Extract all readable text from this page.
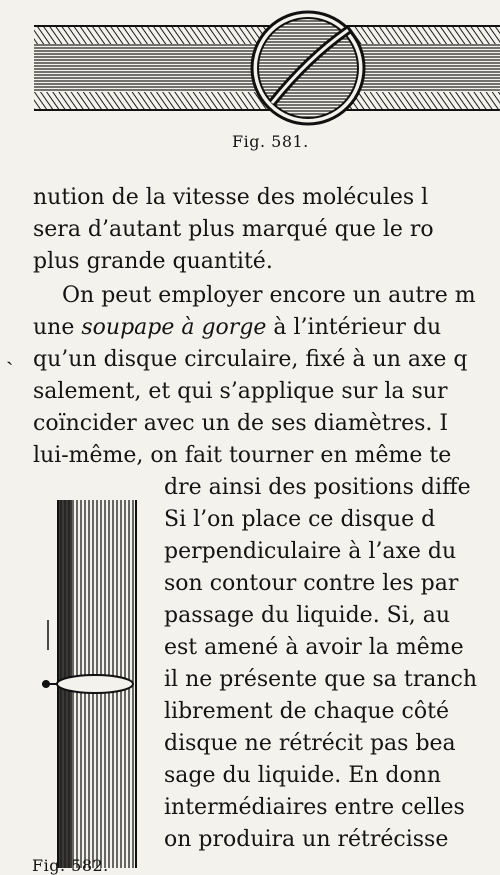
Fig. 581.
nution de la vitesse des molécules l
sera d’autant plus marqué que le ro
plus grande quantité.
On peut employer encore un autre m
une soupape à gorge à l’intérieur du
qu’un disque circulaire, fixé à un axe q
salement, et qui s’applique sur la sur
coïncider avec un de ses diamètres. I
lui-même, on fait tourner en même te
dre ainsi des positions diffe
Si l’on place ce disque d
perpendiculaire à l’axe du
son contour contre les par
passage du liquide. Si, au
est amené à avoir la même
il ne présente que sa tranch
librement de chaque côté
disque ne rétrécit pas bea
sage du liquide. En donn
intermédiaires entre celles
on produira un rétrécisse
ˎ
Fig. 582.
